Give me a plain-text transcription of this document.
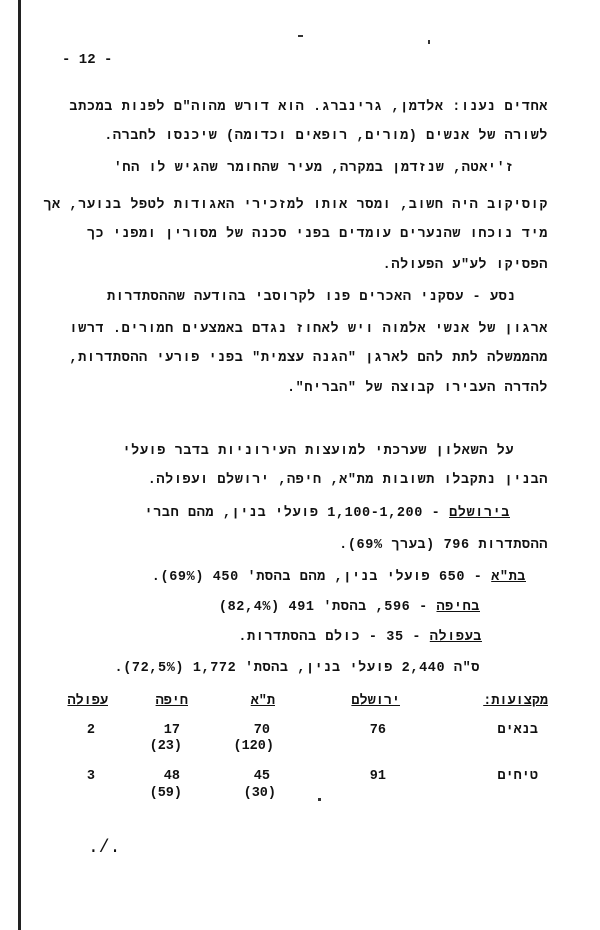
- 12 -
אחדים נענו: אלדמן, גרינברג. הוא דורש מהוה"ם לפנות במכתב
לשורה של אנשים (מורים, רופאים וכדומה) שיכנסו לחברה.
ז'יאטה, שנזדמן במקרה, מעיר שהחומר שהגיש לו הח'
קוסיקוב היה חשוב, ומסר אותו למזכירי האגודות לטפל בנוער, אך
מיד נוכחו שהנערים עומדים בפני סכנה של מסורין ומפני כך
הפסיקו לע"ע הפעולה.
נסע - עסקני האכרים פנו לקרוסבי בהודעה שההסתדרות
ארגון של אנשי אלמוה ויש לאחוז נגדם באמצעים חמורים. דרשו
מהממשלה לתת להם לארגן "הגנה עצמית" בפני פורעי ההסתדרות,
להדרה העבירו קבוצה של "הבריח".
על השאלון שערכתי למועצות העירוניות בדבר פועלי
הבנין נתקבלו תשובות מת"א, חיפה, ירושלם ועפולה.
בירושלם - 1,100-1,200 פועלי בנין, מהם חברי
ההסתדרות 796 (בערך 69%).
בת"א - 650 פועלי בנין, מהם בהסת' 450 (69%).
בחיפה - 596, בהסת' 491 (82,4%)
בעפולה - 35 - כולם בהסתדרות.
ס"ה 2,440 פועלי בנין, בהסת' 1,772 (72,5%).
מקצועות:
ירושלם
ת"א
חיפה
עפולה
בנאים
76
70
(120)
17
(23)
2
טיחים
91
45
(30)
48
(59)
3
./.
